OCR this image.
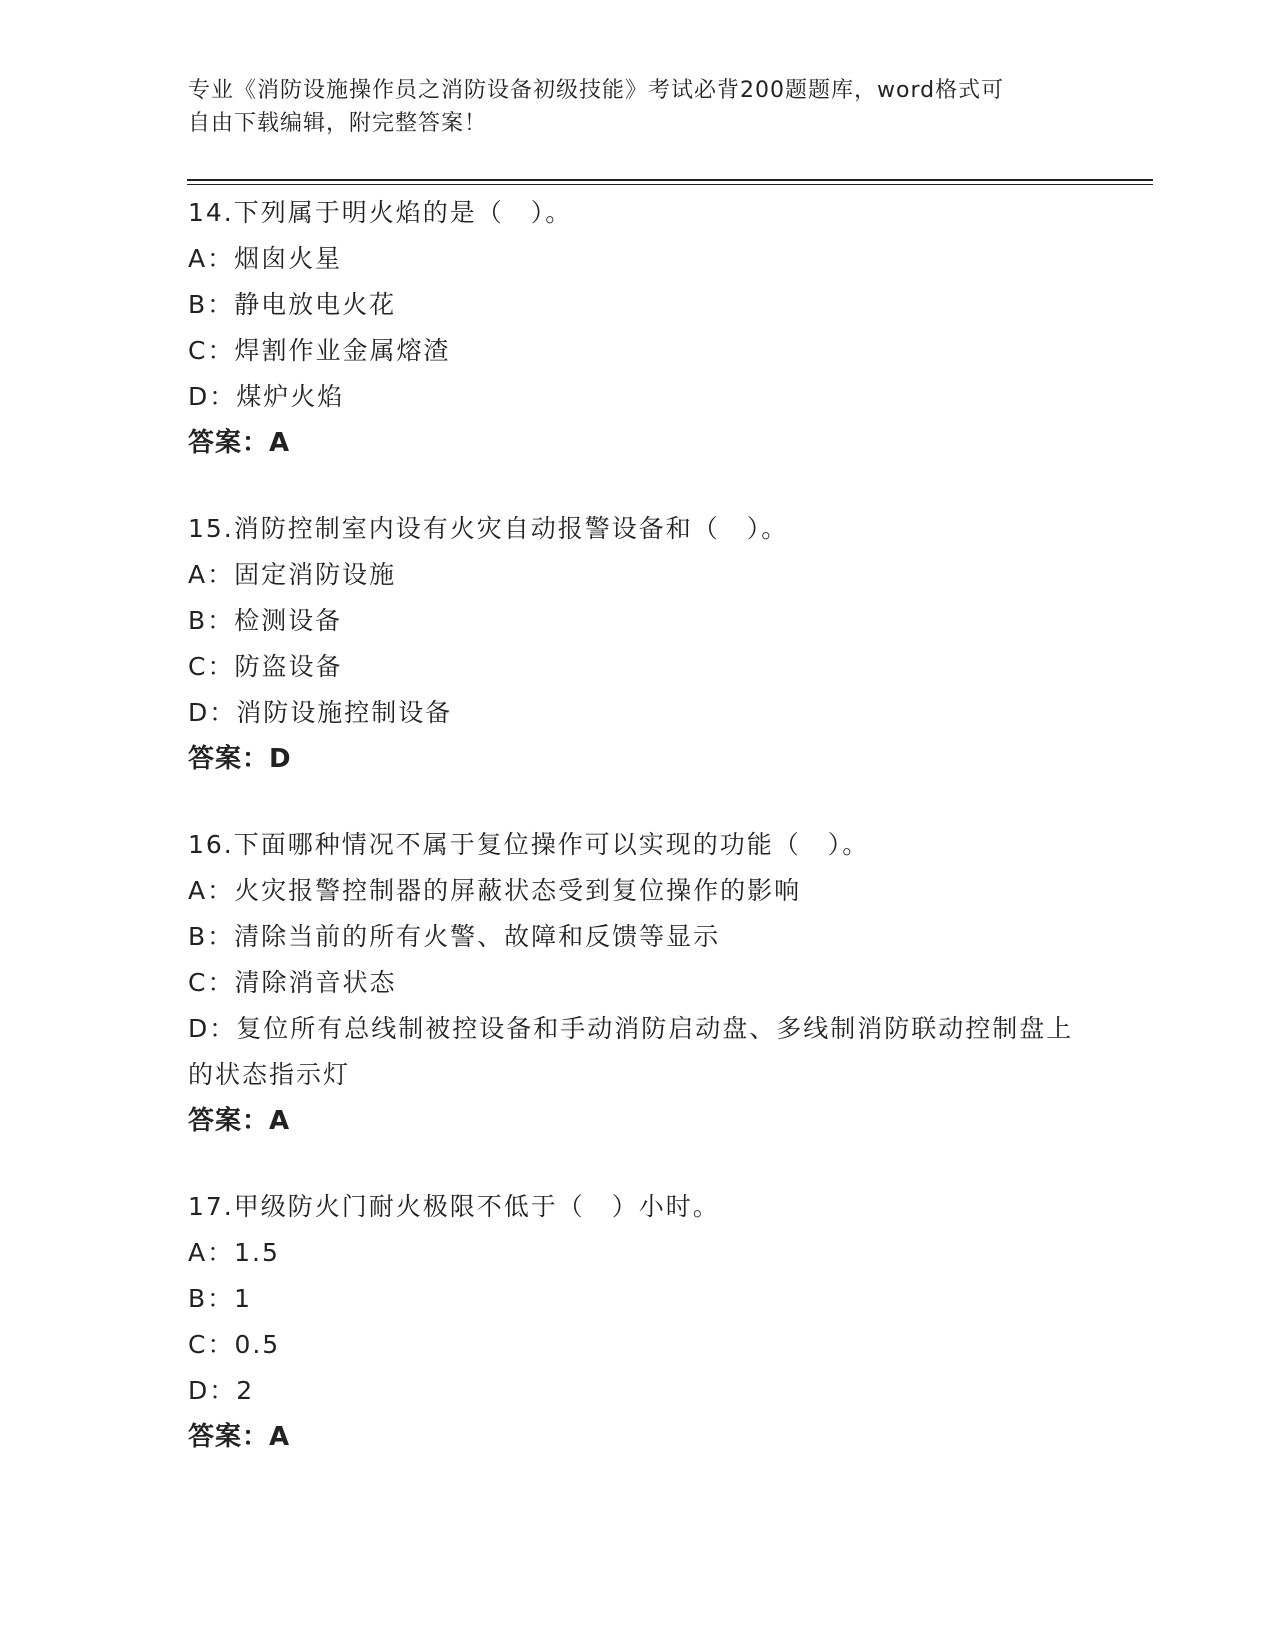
专业《消防设施操作员之消防设备初级技能》考试必背200题题库，word格式可
自由下载编辑，附完整答案！
14.下列属于明火焰的是（　）。
A：烟囱火星
B：静电放电火花
C：焊割作业金属熔渣
D：煤炉火焰
答案：A
15.消防控制室内设有火灾自动报警设备和（　）。
A：固定消防设施
B：检测设备
C：防盗设备
D：消防设施控制设备
答案：D
16.下面哪种情况不属于复位操作可以实现的功能（　）。
A：火灾报警控制器的屏蔽状态受到复位操作的影响
B：清除当前的所有火警、故障和反馈等显示
C：清除消音状态
D：复位所有总线制被控设备和手动消防启动盘、多线制消防联动控制盘上的状态指示灯
答案：A
17.甲级防火门耐火极限不低于（　）小时。
A：1.5
B：1
C：0.5
D：2
答案：A
